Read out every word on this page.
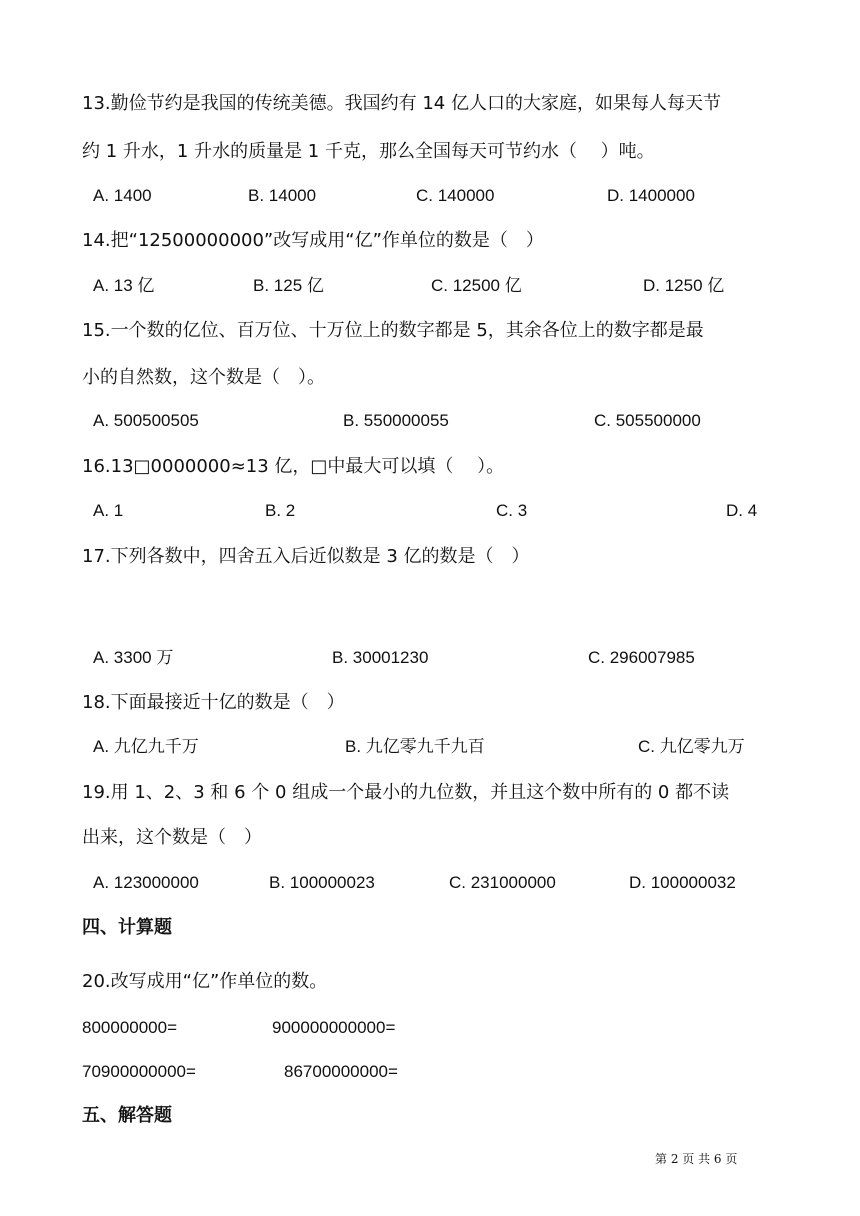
13.勤俭节约是我国的传统美德。我国约有 14 亿人口的大家庭，如果每人每天节
约 1 升水，1 升水的质量是 1 千克，那么全国每天可节约水（　 ）吨。
A. 1400	B. 14000	C. 140000	D. 1400000
14.把“12500000000”改写成用“亿”作单位的数是（　）
A. 13 亿	B. 125 亿	C. 12500 亿	D. 1250 亿
15.一个数的亿位、百万位、十万位上的数字都是 5，其余各位上的数字都是最
小的自然数，这个数是（　）。
A. 500500505	B. 550000055	C. 505500000
16.13□0000000≈13 亿，□中最大可以填（　 ）。
A. 1	B. 2	C. 3	D. 4
17.下列各数中，四舍五入后近似数是 3 亿的数是（　）
A. 3300 万	B. 30001230	C. 296007985
18.下面最接近十亿的数是（　）
A. 九亿九千万	B. 九亿零九千九百	C. 九亿零九万
19.用 1、2、3 和 6 个 0 组成一个最小的九位数，并且这个数中所有的 0 都不读
出来，这个数是（　）
A. 123000000	B. 100000023	C. 231000000	D. 100000032
四、计算题
20.改写成用“亿”作单位的数。
800000000=	900000000000=
70900000000=	86700000000=
五、解答题
第 2 页 共 6 页
